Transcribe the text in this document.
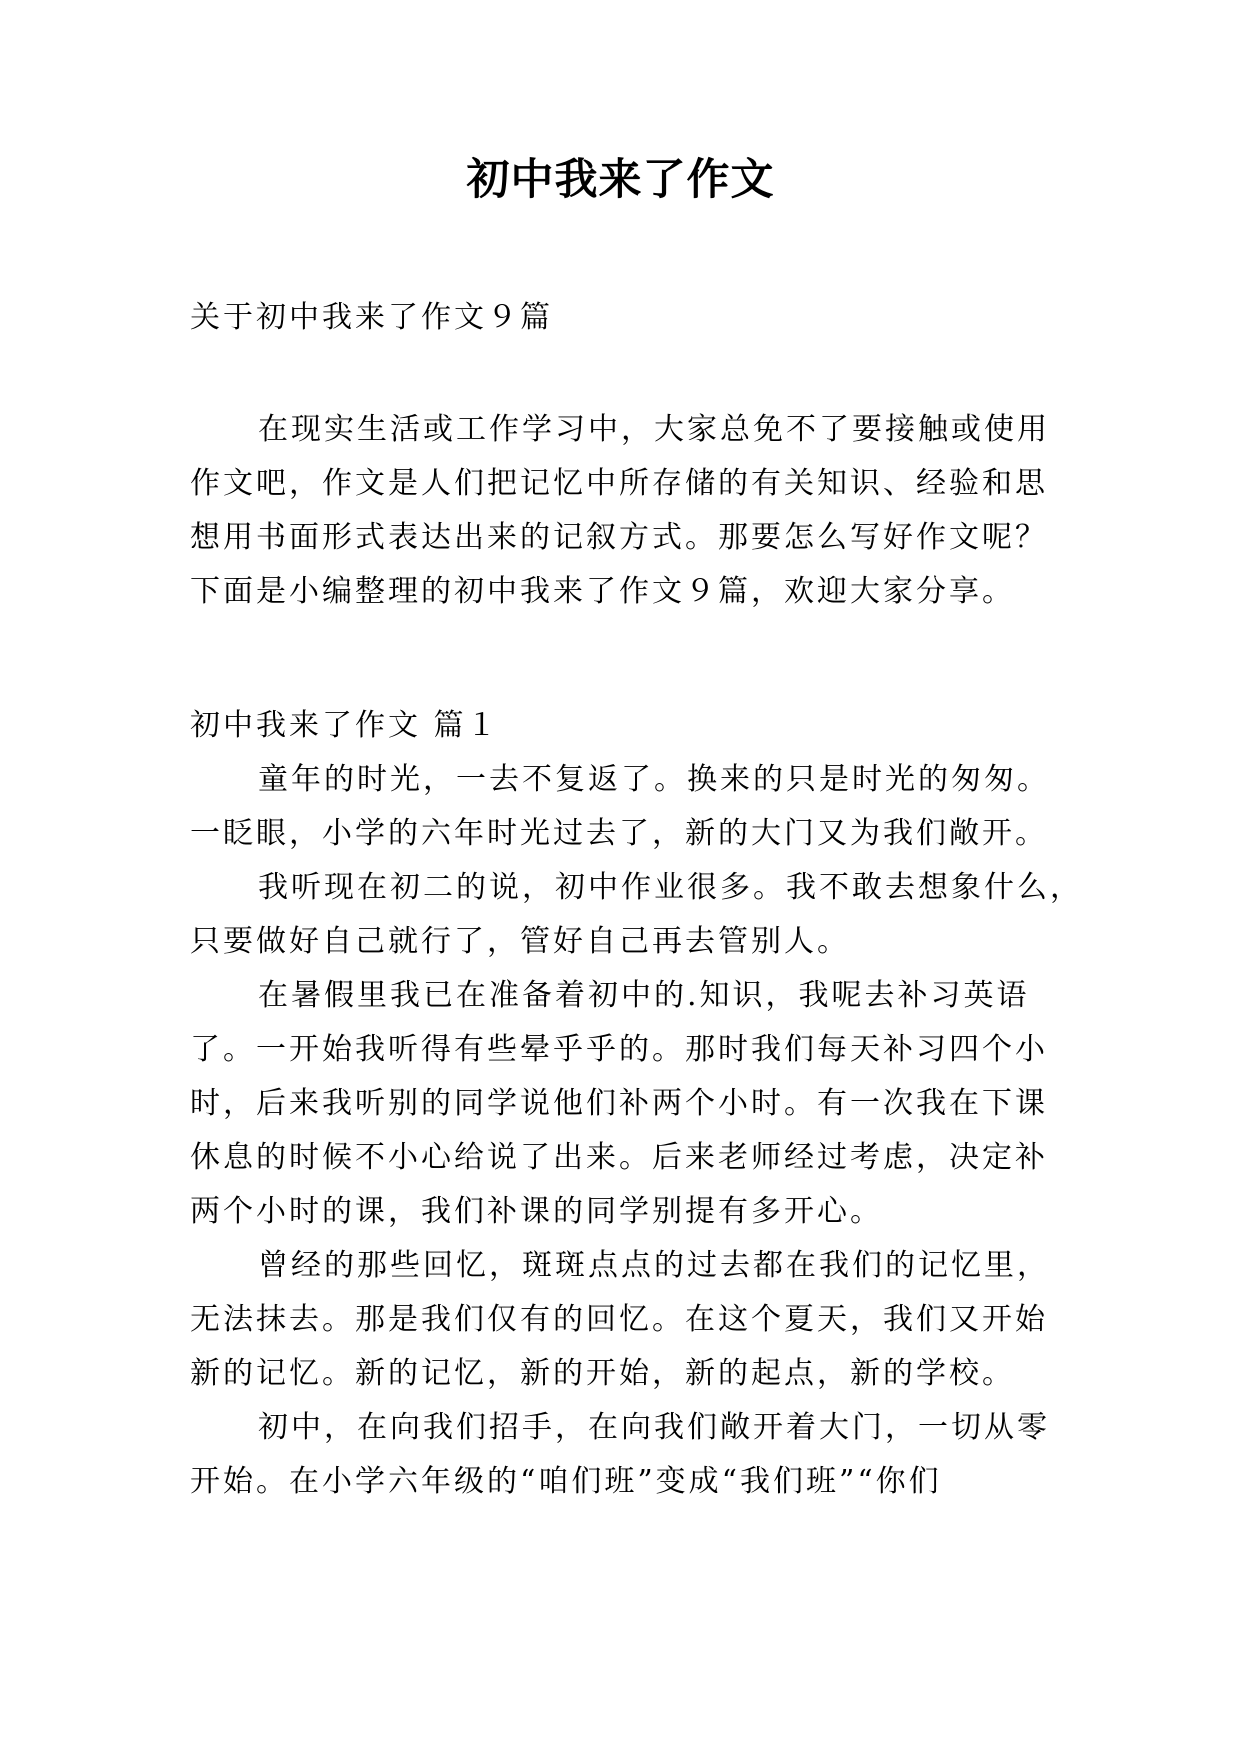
初中我来了作文
关于初中我来了作文９篇
在现实生活或工作学习中，大家总免不了要接触或使用
作文吧，作文是人们把记忆中所存储的有关知识、经验和思
想用书面形式表达出来的记叙方式。那要怎么写好作文呢？
下面是小编整理的初中我来了作文９篇，欢迎大家分享。
初中我来了作文 篇１
童年的时光，一去不复返了。换来的只是时光的匆匆。
一眨眼，小学的六年时光过去了，新的大门又为我们敞开。
我听现在初二的说，初中作业很多。我不敢去想象什么，
只要做好自己就行了，管好自己再去管别人。
在暑假里我已在准备着初中的.知识，我呢去补习英语
了。一开始我听得有些晕乎乎的。那时我们每天补习四个小
时，后来我听别的同学说他们补两个小时。有一次我在下课
休息的时候不小心给说了出来。后来老师经过考虑，决定补
两个小时的课，我们补课的同学别提有多开心。
曾经的那些回忆，斑斑点点的过去都在我们的记忆里，
无法抹去。那是我们仅有的回忆。在这个夏天，我们又开始
新的记忆。新的记忆，新的开始，新的起点，新的学校。
初中，在向我们招手，在向我们敞开着大门，一切从零
开始。在小学六年级的“咱们班”变成“我们班”“你们
